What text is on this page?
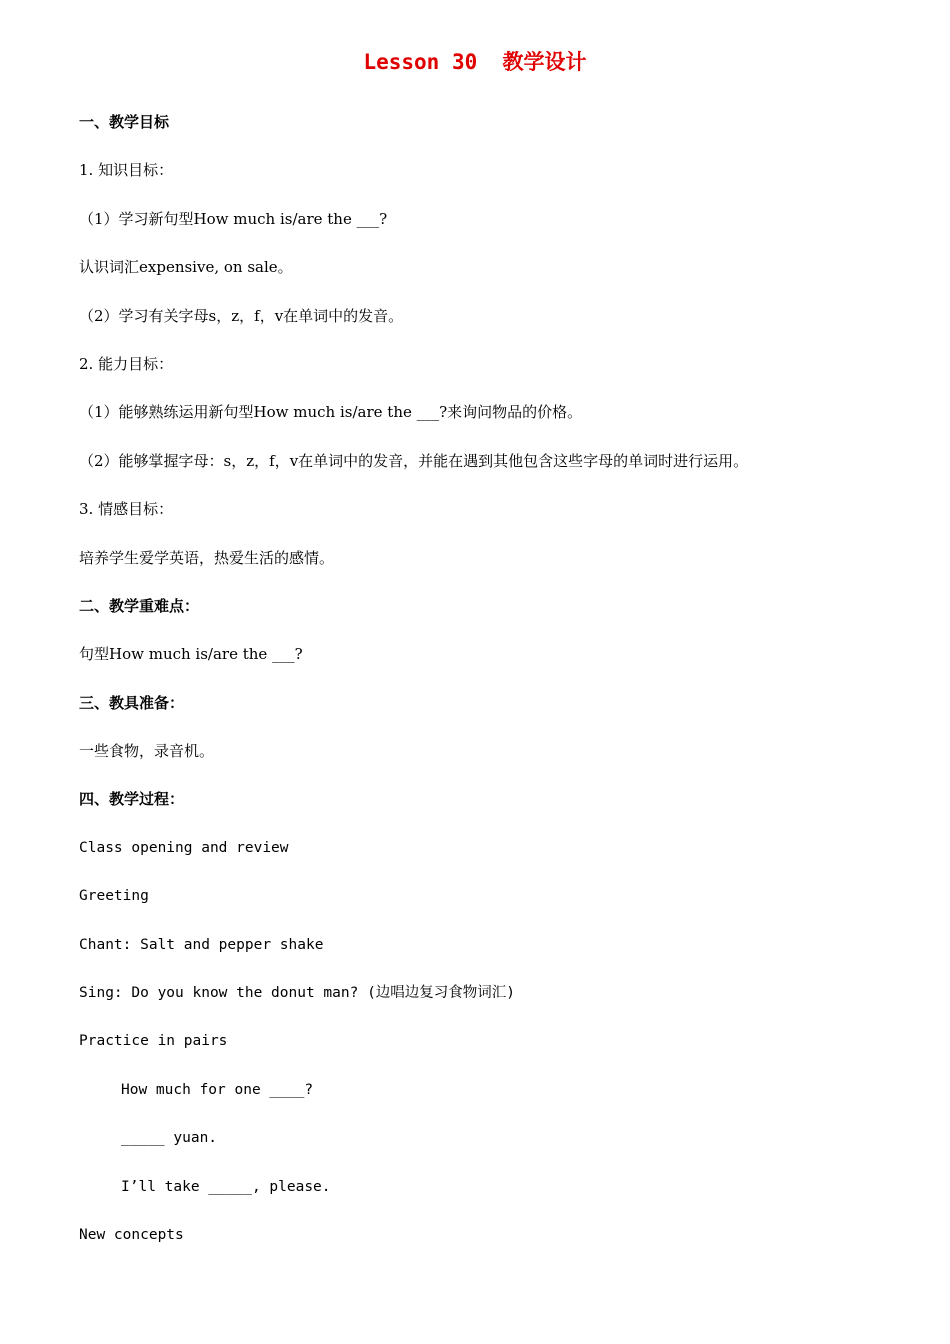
Lesson 30  教学设计
一、教学目标
1. 知识目标：
（1）学习新句型How much is/are the ___?
认识词汇expensive, on sale。
（2）学习有关字母s，z，f，v在单词中的发音。
2. 能力目标：
（1）能够熟练运用新句型How much is/are the ___?来询问物品的价格。
（2）能够掌握字母：s，z，f，v在单词中的发音，并能在遇到其他包含这些字母的单词时进行运用。
3. 情感目标：
培养学生爱学英语，热爱生活的感情。
二、教学重难点：
句型How much is/are the ___?
三、教具准备：
一些食物，录音机。
四、教学过程：
Class opening and review
Greeting
Chant: Salt and pepper shake
Sing: Do you know the donut man? (边唱边复习食物词汇)
Practice in pairs
How much for one ____?
_____ yuan.
I’ll take _____, please.
New concepts
